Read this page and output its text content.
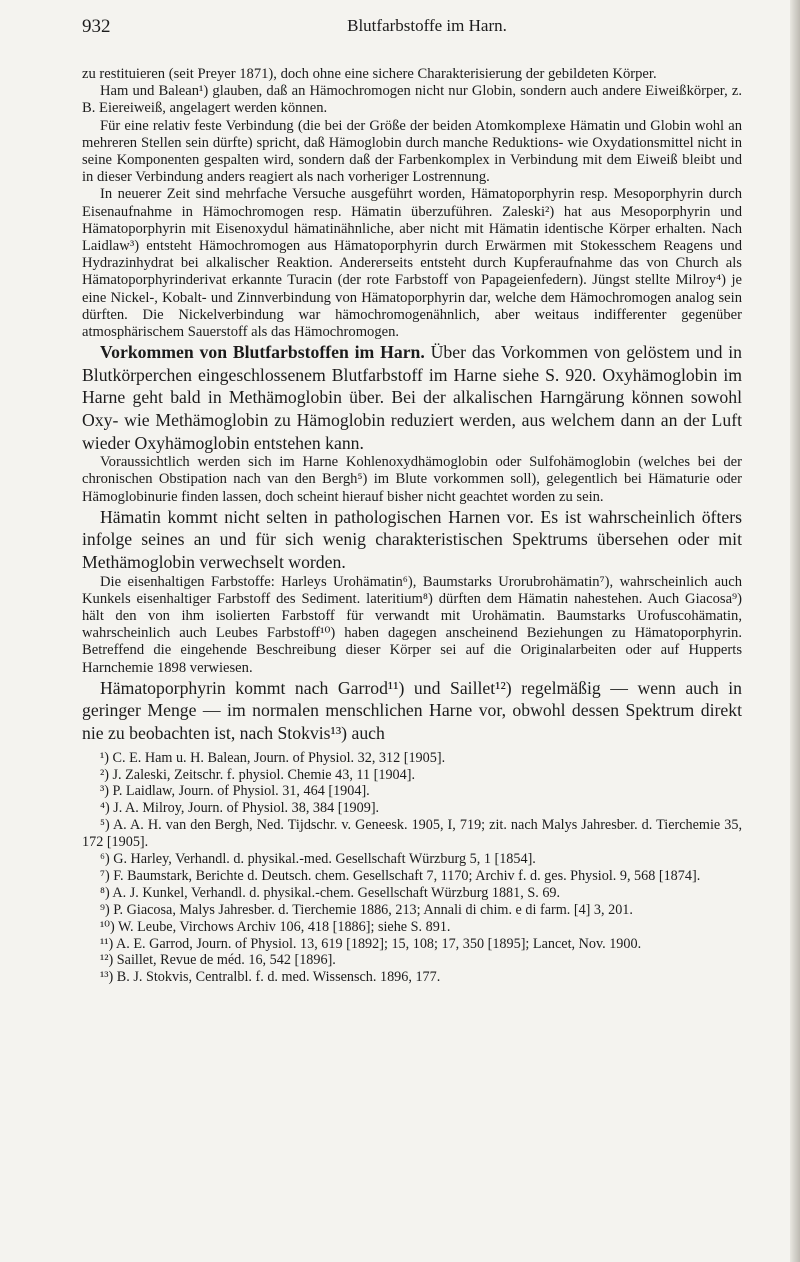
932	Blutfarbstoffe im Harn.

zu restituieren (seit Preyer 1871), doch ohne eine sichere Charakterisierung der gebildeten Körper.

Ham und Balean¹) glauben, daß an Hämochromogen nicht nur Globin, sondern auch andere Eiweißkörper, z. B. Eiereiweiß, angelagert werden können.

Für eine relativ feste Verbindung (die bei der Größe der beiden Atomkomplexe Hämatin und Globin wohl an mehreren Stellen sein dürfte) spricht, daß Hämoglobin durch manche Reduktions- wie Oxydationsmittel nicht in seine Komponenten gespalten wird, sondern daß der Farbenkomplex in Verbindung mit dem Eiweiß bleibt und in dieser Verbindung anders reagiert als nach vorheriger Lostrennung.

In neuerer Zeit sind mehrfache Versuche ausgeführt worden, Hämatoporphyrin resp. Mesoporphyrin durch Eisenaufnahme in Hämochromogen resp. Hämatin überzuführen. Zaleski²) hat aus Mesoporphyrin und Hämatoporphyrin mit Eisenoxydul hämatinähnliche, aber nicht mit Hämatin identische Körper erhalten. Nach Laidlaw³) entsteht Hämochromogen aus Hämatoporphyrin durch Erwärmen mit Stokesschem Reagens und Hydrazinhydrat bei alkalischer Reaktion. Andererseits entsteht durch Kupferaufnahme das von Church als Hämatoporphyrinderivat erkannte Turacin (der rote Farbstoff von Papageienfedern). Jüngst stellte Milroy⁴) je eine Nickel-, Kobalt- und Zinnverbindung von Hämatoporphyrin dar, welche dem Hämochromogen analog sein dürften. Die Nickelverbindung war hämochromogenähnlich, aber weitaus indifferenter gegenüber atmosphärischem Sauerstoff als das Hämochromogen.

Vorkommen von Blutfarbstoffen im Harn. Über das Vorkommen von gelöstem und in Blutkörperchen eingeschlossenem Blutfarbstoff im Harne siehe S. 920. Oxyhämoglobin im Harne geht bald in Methämoglobin über. Bei der alkalischen Harngärung können sowohl Oxy- wie Methämoglobin zu Hämoglobin reduziert werden, aus welchem dann an der Luft wieder Oxyhämoglobin entstehen kann.

Voraussichtlich werden sich im Harne Kohlenoxydhämoglobin oder Sulfohämoglobin (welches bei der chronischen Obstipation nach van den Bergh⁵) im Blute vorkommen soll), gelegentlich bei Hämaturie oder Hämoglobinurie finden lassen, doch scheint hierauf bisher nicht geachtet worden zu sein.

Hämatin kommt nicht selten in pathologischen Harnen vor. Es ist wahrscheinlich öfters infolge seines an und für sich wenig charakteristischen Spektrums übersehen oder mit Methämoglobin verwechselt worden.

Die eisenhaltigen Farbstoffe: Harleys Urohämatin⁶), Baumstarks Urorubrohämatin⁷), wahrscheinlich auch Kunkels eisenhaltiger Farbstoff des Sediment. lateritium⁸) dürften dem Hämatin nahestehen. Auch Giacosa⁹) hält den von ihm isolierten Farbstoff für verwandt mit Urohämatin. Baumstarks Urofuscohämatin, wahrscheinlich auch Leubes Farbstoff¹⁰) haben dagegen anscheinend Beziehungen zu Hämatoporphyrin. Betreffend die eingehende Beschreibung dieser Körper sei auf die Originalarbeiten oder auf Hupperts Harnchemie 1898 verwiesen.

Hämatoporphyrin kommt nach Garrod¹¹) und Saillet¹²) regelmäßig — wenn auch in geringer Menge — im normalen menschlichen Harne vor, obwohl dessen Spektrum direkt nie zu beobachten ist, nach Stokvis¹³) auch

¹) C. E. Ham u. H. Balean, Journ. of Physiol. 32, 312 [1905].

²) J. Zaleski, Zeitschr. f. physiol. Chemie 43, 11 [1904].

³) P. Laidlaw, Journ. of Physiol. 31, 464 [1904].

⁴) J. A. Milroy, Journ. of Physiol. 38, 384 [1909].

⁵) A. A. H. van den Bergh, Ned. Tijdschr. v. Geneesk. 1905, I, 719; zit. nach Malys Jahresber. d. Tierchemie 35, 172 [1905].

⁶) G. Harley, Verhandl. d. physikal.-med. Gesellschaft Würzburg 5, 1 [1854].

⁷) F. Baumstark, Berichte d. Deutsch. chem. Gesellschaft 7, 1170; Archiv f. d. ges. Physiol. 9, 568 [1874].

⁸) A. J. Kunkel, Verhandl. d. physikal.-chem. Gesellschaft Würzburg 1881, S. 69.

⁹) P. Giacosa, Malys Jahresber. d. Tierchemie 1886, 213; Annali di chim. e di farm. [4] 3, 201.

¹⁰) W. Leube, Virchows Archiv 106, 418 [1886]; siehe S. 891.

¹¹) A. E. Garrod, Journ. of Physiol. 13, 619 [1892]; 15, 108; 17, 350 [1895]; Lancet, Nov. 1900.

¹²) Saillet, Revue de méd. 16, 542 [1896].

¹³) B. J. Stokvis, Centralbl. f. d. med. Wissensch. 1896, 177.
